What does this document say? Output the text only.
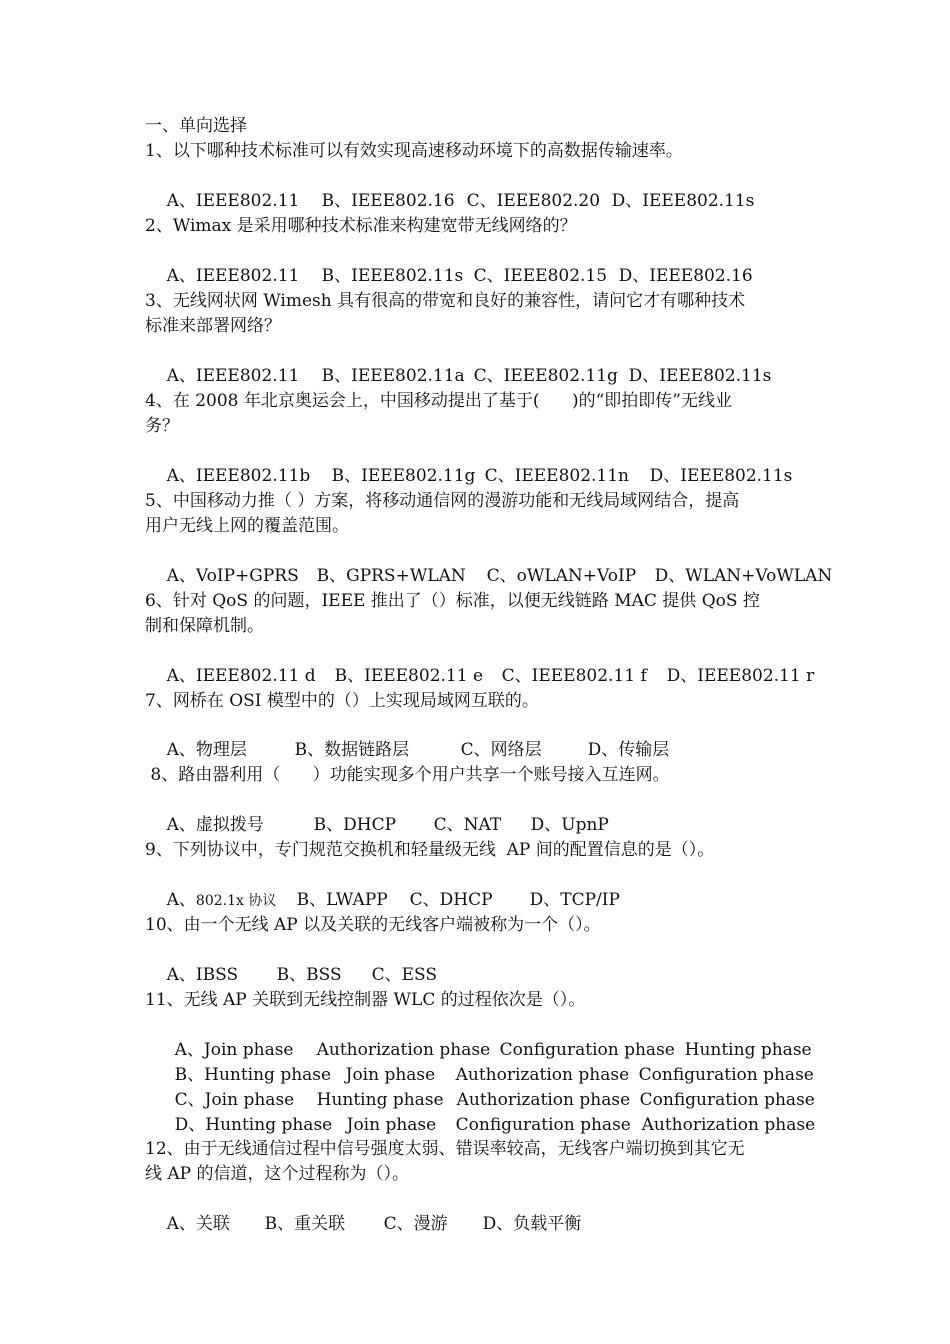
一、单向选择
1、以下哪种技术标准可以有效实现高速移动环境下的高数据传输速率。

A、IEEE802.11 B、IEEE802.16 C、IEEE802.20 D、IEEE802.11s

2、Wimax 是采用哪种技术标准来构建宽带无线网络的？

A、IEEE802.11 B、IEEE802.11s C、IEEE802.15 D、IEEE802.16

3、无线网状网 Wimesh 具有很高的带宽和良好的兼容性，请问它才有哪种技术
标准来部署网络？

A、IEEE802.11 B、IEEE802.11a C、IEEE802.11g D、IEEE802.11s

4、在 2008 年北京奥运会上，中国移动提出了基于(      )的“即拍即传”无线业
务？

A、IEEE802.11b B、IEEE802.11g C、IEEE802.11n D、IEEE802.11s

5、中国移动力推（ ）方案，将移动通信网的漫游功能和无线局域网结合，提高
用户无线上网的覆盖范围。

A、VoIP+GPRS B、GPRS+WLAN C、oWLAN+VoIP D、WLAN+VoWLAN

6、针对 QoS 的问题，IEEE 推出了（）标准，以便无线链路 MAC 提供 QoS 控
制和保障机制。

A、IEEE802.11 d B、IEEE802.11 e C、IEEE802.11 f D、IEEE802.11 r

7、网桥在 OSI 模型中的（）上实现局域网互联的。

A、物理层	B、数据链路层	C、网络层	D、传输层

8、路由器利用（      ）功能实现多个用户共享一个账号接入互连网。

A、虚拟拨号	B、DHCP C、NAT D、UpnP

9、下列协议中，专门规范交换机和轻量级无线  AP 间的配置信息的是（）。

A、802.1x 协议 B、LWAPP C、DHCP D、TCP/IP

10、由一个无线 AP 以及关联的无线客户端被称为一个（）。

A、IBSS B、BSS C、ESS

11、无线 AP 关联到无线控制器 WLC 的过程依次是（）。

A、Join phase Authorization phase Configuration phase Hunting phase

B、Hunting phase Join phase Authorization phase Configuration phase

C、Join phase Hunting phase Authorization phase Configuration phase

D、Hunting phase Join phase Configuration phase Authorization phase

12、由于无线通信过程中信号强度太弱、错误率较高，无线客户端切换到其它无
线 AP 的信道，这个过程称为（）。

A、关联 B、重关联 C、漫游 D、负载平衡
